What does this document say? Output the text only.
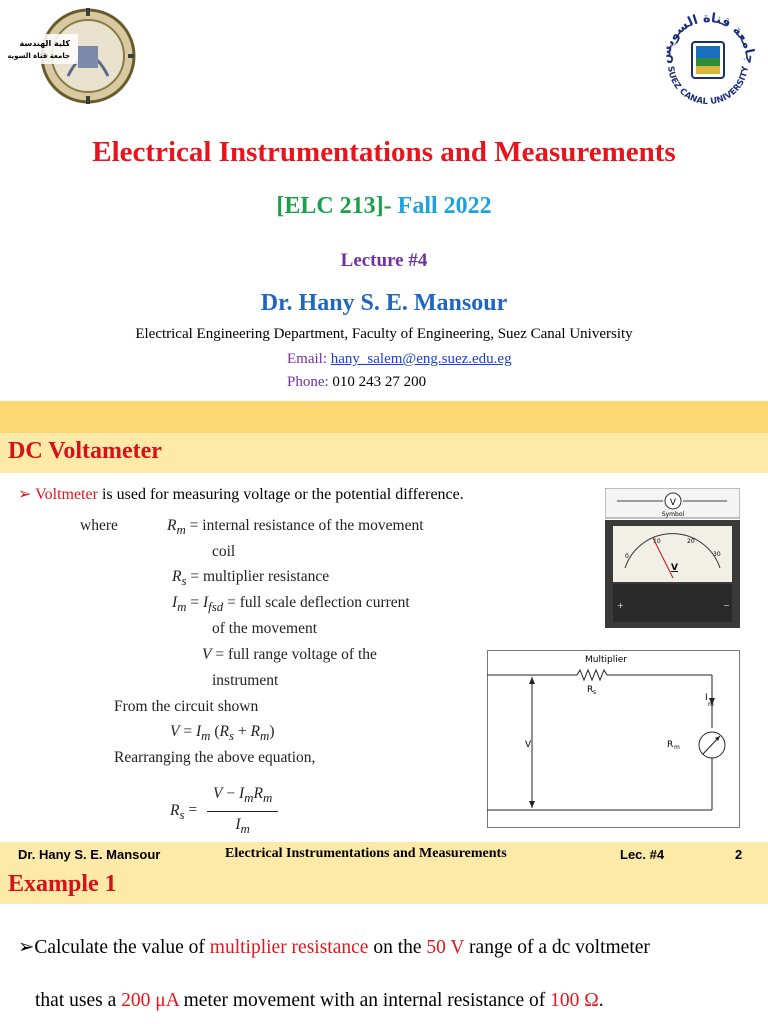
كلية الهندسة
جامعة قناة السويس	جامعة قناة السويس
SUEZ CANAL UNIVERSITY
Electrical Instrumentations and Measurements
[ELC 213]- Fall 2022
Lecture #4
Dr. Hany S. E. Mansour
Electrical Engineering Department, Faculty of Engineering, Suez Canal University
Email: hany_salem@eng.suez.edu.eg
Phone: 010 243 27 200
DC Voltameter
➢ Voltmeter is used for measuring voltage or the potential difference.
where	$R_m$ = internal resistance of the movement
coil
$R_s$ = multiplier resistance
$I_m = I_{fsd}$ = full scale deflection current
of the movement
V = full range voltage of the
instrument
From the circuit shown
$V = I_m$ $(R_s + R_m)$
Rearranging the above equation,
$R_s$ =
$V - I_mR_m$
$I_m$
V
Symbol
0
10	20
30
V
+	−
Multiplier
R s
I
m
R m
V
Dr. Hany S. E. Mansour	Electrical Instrumentations and Measurements	Lec. #4	2
Example 1
➢Calculate the value of multiplier resistance on the 50 V range of a dc voltmeter
that uses a 200 μA meter movement with an internal resistance of 100 Ω.
